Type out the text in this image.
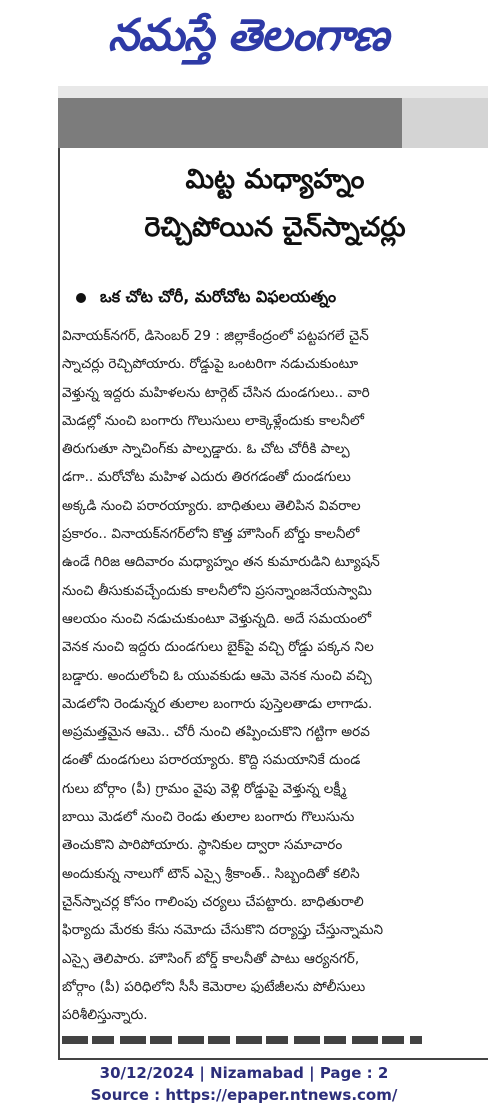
నమస్తే తెలంగాణ
మిట్ట మధ్యాహ్నం
రెచ్చిపోయిన చైన్‌స్నాచర్లు
ఒక చోట చోరీ, మరోచోట విఫలయత్నం
వినాయక్‌నగర్, డిసెంబర్ 29 : జిల్లాకేంద్రంలో పట్టపగలే చైన్
స్నాచర్లు రెచ్చిపోయారు. రోడ్డుపై ఒంటరిగా నడుచుకుంటూ
వెళ్తున్న ఇద్దరు మహిళలను టార్గెట్ చేసిన దుండగులు.. వారి
మెడల్లో నుంచి బంగారు గొలుసులు లాక్కెళ్లేందుకు కాలనీలో
తిరుగుతూ స్నాచింగ్‌కు పాల్పడ్డారు. ఓ చోట చోరీకి పాల్ప
డగా.. మరోచోట మహిళ ఎదురు తిరగడంతో దుండగులు
అక్కడి నుంచి పరారయ్యారు. బాధితులు తెలిపిన వివరాల
ప్రకారం.. వినాయక్‌నగర్‌లోని కొత్త హౌసింగ్ బోర్డు కాలనీలో
ఉండే గిరిజ ఆదివారం మధ్యాహ్నం తన కుమారుడిని ట్యూషన్
నుంచి తీసుకువచ్చేందుకు కాలనీలోని ప్రసన్నాంజనేయస్వామి
ఆలయం నుంచి నడుచుకుంటూ వెళ్తున్నది. అదే సమయంలో
వెనక నుంచి ఇద్దరు దుండగులు బైక్‌పై వచ్చి రోడ్డు పక్కన నిల
బడ్డారు. అందులోంచి ఓ యువకుడు ఆమె వెనక నుంచి వచ్చి
మెడలోని రెండున్నర తులాల బంగారు పుస్తెలతాడు లాగాడు.
అప్రమత్తమైన ఆమె.. చోరీ నుంచి తప్పించుకొని గట్టిగా అరవ
డంతో దుండగులు పరారయ్యారు. కొద్ది సమయానికే దుండ
గులు బోర్గాం (పీ) గ్రామం వైపు వెళ్లి రోడ్డుపై వెళ్తున్న లక్ష్మీ
బాయి మెడలో నుంచి రెండు తులాల బంగారు గొలుసును
తెంచుకొని పారిపోయారు. స్థానికుల ద్వారా సమాచారం
అందుకున్న నాలుగో టౌన్ ఎస్సై శ్రీకాంత్.. సిబ్బందితో కలిసి
చైన్‌స్నాచర్ల కోసం గాలింపు చర్యలు చేపట్టారు. బాధితురాలి
ఫిర్యాదు మేరకు కేసు నమోదు చేసుకొని దర్యాప్తు చేస్తున్నామని
ఎస్సై తెలిపారు. హౌసింగ్ బోర్డ్ కాలనీతో పాటు ఆర్యనగర్,
బోర్గాం (పీ) పరిధిలోని సీసీ కెమెరాల ఫుటేజీలను పోలీసులు
పరిశీలిస్తున్నారు.
30/12/2024 | Nizamabad | Page : 2
Source : https://epaper.ntnews.com/
